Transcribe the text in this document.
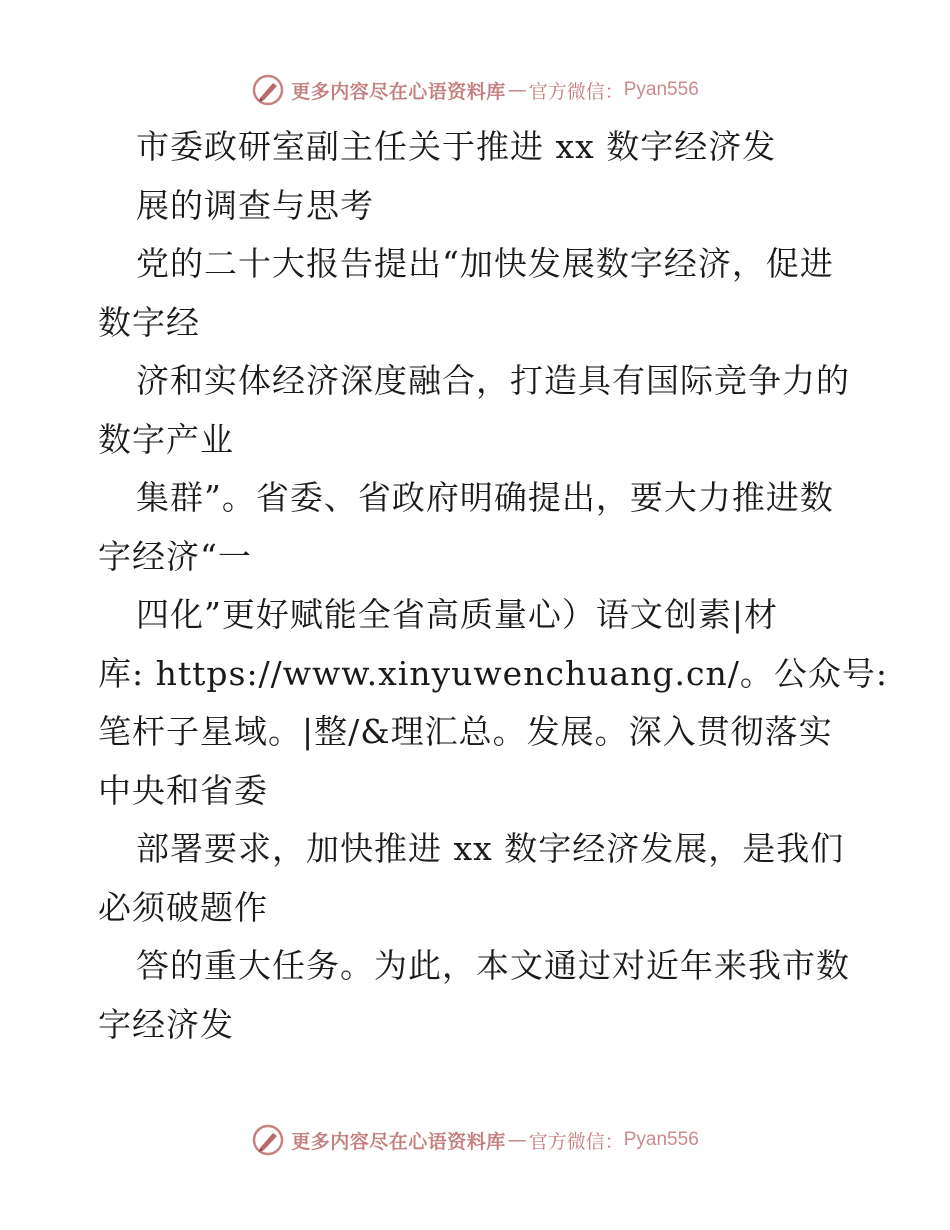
更多内容尽在心语资料库 — 官方微信： Pyan556
市委政研室副主任关于推进 xx 数字经济发
展的调查与思考
党的二十大报告提出“加快发展数字经济，促进
数字经
济和实体经济深度融合，打造具有国际竞争力的
数字产业
集群”。省委、省政府明确提出，要大力推进数
字经济“一
四化”更好赋能全省高质量心）语文创素|材
库: https://www.xinyuwenchuang.cn/。公众号:
笔杆子星域。|整/&理汇总。发展。深入贯彻落实
中央和省委
部署要求，加快推进 xx 数字经济发展，是我们
必须破题作
答的重大任务。为此，本文通过对近年来我市数
字经济发
更多内容尽在心语资料库 — 官方微信： Pyan556
